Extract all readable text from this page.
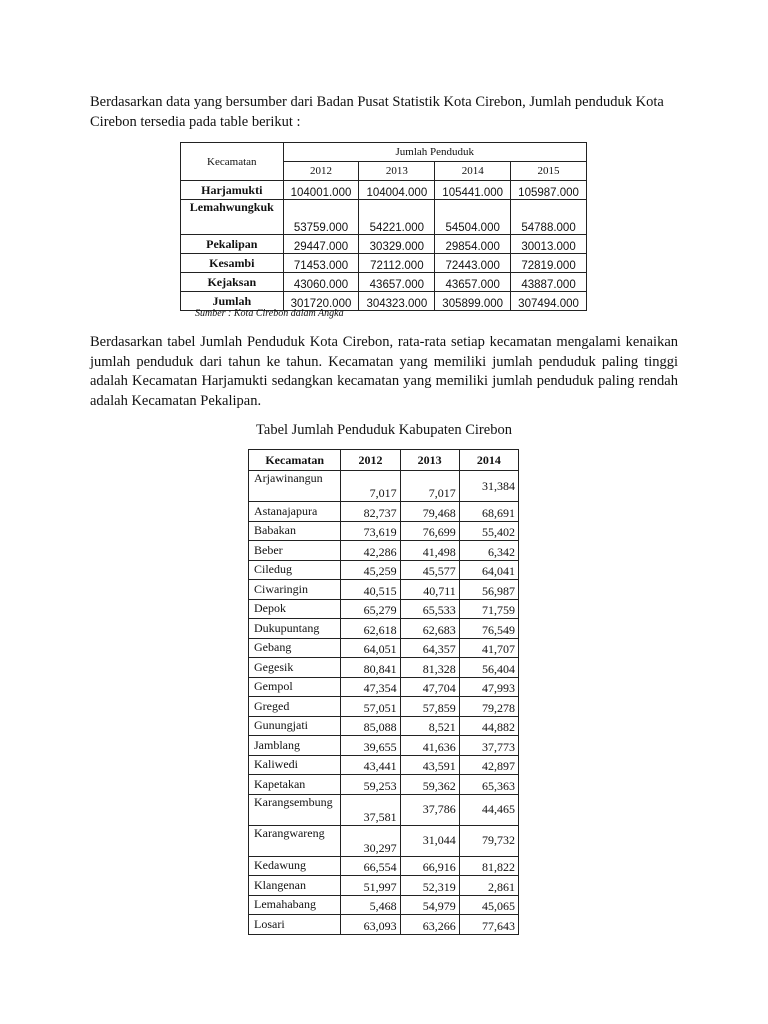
Berdasarkan data yang bersumber dari Badan Pusat Statistik Kota Cirebon, Jumlah penduduk Kota Cirebon tersedia pada table berikut :

Kecamatan	Jumlah Penduduk			
	2012	2013	2014	2015
Harjamukti	104001.000	104004.000	105441.000	105987.000
Lemahwungkuk	53759.000	54221.000	54504.000	54788.000
Pekalipan	29447.000	30329.000	29854.000	30013.000
Kesambi	71453.000	72112.000	72443.000	72819.000
Kejaksan	43060.000	43657.000	43657.000	43887.000
Jumlah	301720.000	304323.000	305899.000	307494.000
Sumber : Kota Cirebon dalam Angka

Berdasarkan tabel Jumlah Penduduk Kota Cirebon, rata-rata setiap kecamatan mengalami kenaikan jumlah penduduk dari tahun ke tahun. Kecamatan yang memiliki jumlah penduduk paling tinggi adalah Kecamatan Harjamukti sedangkan kecamatan yang memiliki jumlah penduduk paling rendah adalah Kecamatan Pekalipan.

Tabel Jumlah Penduduk Kabupaten Cirebon
Kecamatan	2012	2013	2014
Arjawinangun	7,017	7,017	31,384
Astanajapura	82,737	79,468	68,691
Babakan	73,619	76,699	55,402
Beber	42,286	41,498	6,342
Ciledug	45,259	45,577	64,041
Ciwaringin	40,515	40,711	56,987
Depok	65,279	65,533	71,759
Dukupuntang	62,618	62,683	76,549
Gebang	64,051	64,357	41,707
Gegesik	80,841	81,328	56,404
Gempol	47,354	47,704	47,993
Greged	57,051	57,859	79,278
Gunungjati	85,088	8,521	44,882
Jamblang	39,655	41,636	37,773
Kaliwedi	43,441	43,591	42,897
Kapetakan	59,253	59,362	65,363
Karangsembung	37,581	37,786	44,465
Karangwareng	30,297	31,044	79,732
Kedawung	66,554	66,916	81,822
Klangenan	51,997	52,319	2,861
Lemahabang	5,468	54,979	45,065
Losari	63,093	63,266	77,643
